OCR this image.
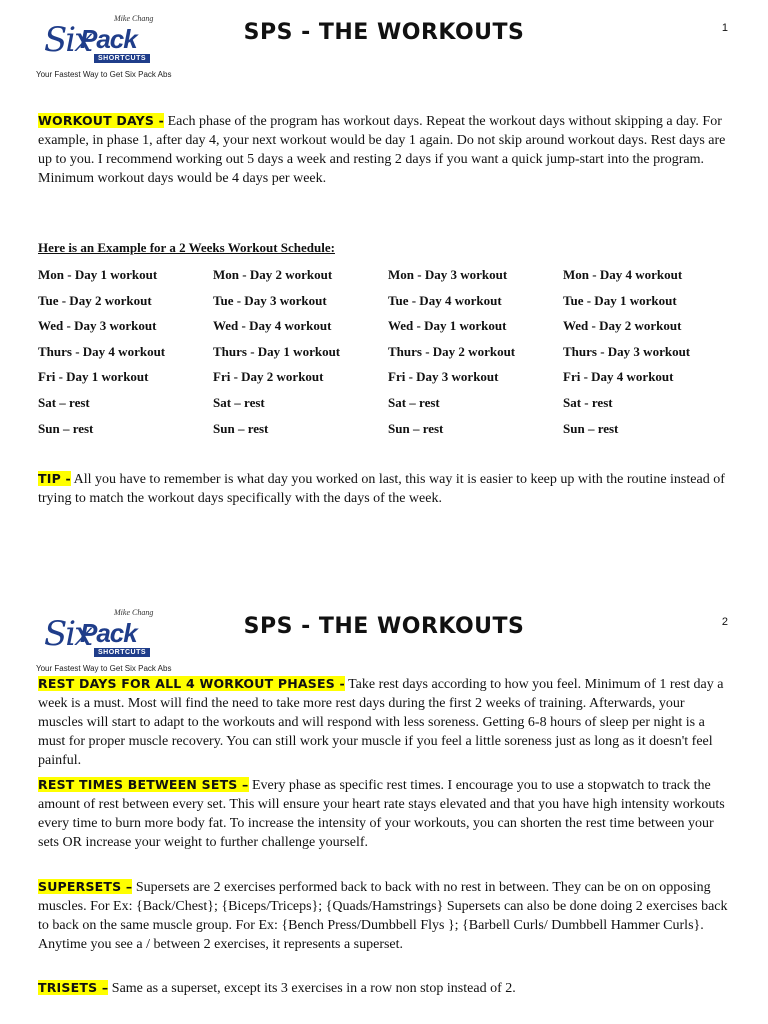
Mike Chang
Six
Pack
SHORTCUTS
Your Fastest Way to Get Six Pack Abs
SPS - THE WORKOUTS	1
WORKOUT DAYS - Each phase of the program has workout days. Repeat the workout days without skipping a day. For example, in phase 1, after day 4, your next workout would be day 1 again. Do not skip around workout days. Rest days are up to you. I recommend working out 5 days a week and resting 2 days if you want a quick jump-start into the program. Minimum workout days would be 4 days per week.
Here is an Example for a 2 Weeks Workout Schedule:
Mon - Day 1 workout
Tue - Day 2 workout
Wed - Day 3 workout
Thurs - Day 4 workout
Fri - Day 1 workout
Sat – rest
Sun – rest
Mon - Day 2 workout
Tue - Day 3 workout
Wed - Day 4 workout
Thurs - Day 1 workout
Fri - Day 2 workout
Sat – rest
Sun – rest
Mon - Day 3 workout
Tue - Day 4 workout
Wed - Day 1 workout
Thurs - Day 2 workout
Fri - Day 3 workout
Sat – rest
Sun – rest
Mon - Day 4 workout
Tue - Day 1 workout
Wed - Day 2 workout
Thurs - Day 3 workout
Fri - Day 4 workout
Sat - rest
Sun – rest
TIP - All you have to remember is what day you worked on last, this way it is easier to keep up with the routine instead of trying to match the workout days specifically with the days of the week.
Mike Chang
Six
Pack
SHORTCUTS
Your Fastest Way to Get Six Pack Abs
SPS - THE WORKOUTS	2
REST DAYS FOR ALL 4 WORKOUT PHASES - Take rest days according to how you feel. Minimum of 1 rest day a week is a must. Most will find the need to take more rest days during the first 2 weeks of training. Afterwards, your muscles will start to adapt to the workouts and will respond with less soreness. Getting 6-8 hours of sleep per night is a must for proper muscle recovery. You can still work your muscle if you feel a little soreness just as long as it doesn't feel painful.
REST TIMES BETWEEN SETS – Every phase as specific rest times. I encourage you to use a stopwatch to track the amount of rest between every set. This will ensure your heart rate stays elevated and that you have high intensity workouts every time to burn more body fat. To increase the intensity of your workouts, you can shorten the rest time between your sets OR increase your weight to further challenge yourself.
SUPERSETS – Supersets are 2 exercises performed back to back with no rest in between. They can be on on opposing muscles. For Ex: {Back/Chest}; {Biceps/Triceps}; {Quads/Hamstrings} Supersets can also be done doing 2 exercises back to back on the same muscle group. For Ex: {Bench Press/Dumbbell Flys }; {Barbell Curls/ Dumbbell Hammer Curls}. Anytime you see a / between 2 exercises, it represents a superset.
TRISETS – Same as a superset, except its 3 exercises in a row non stop instead of 2.
